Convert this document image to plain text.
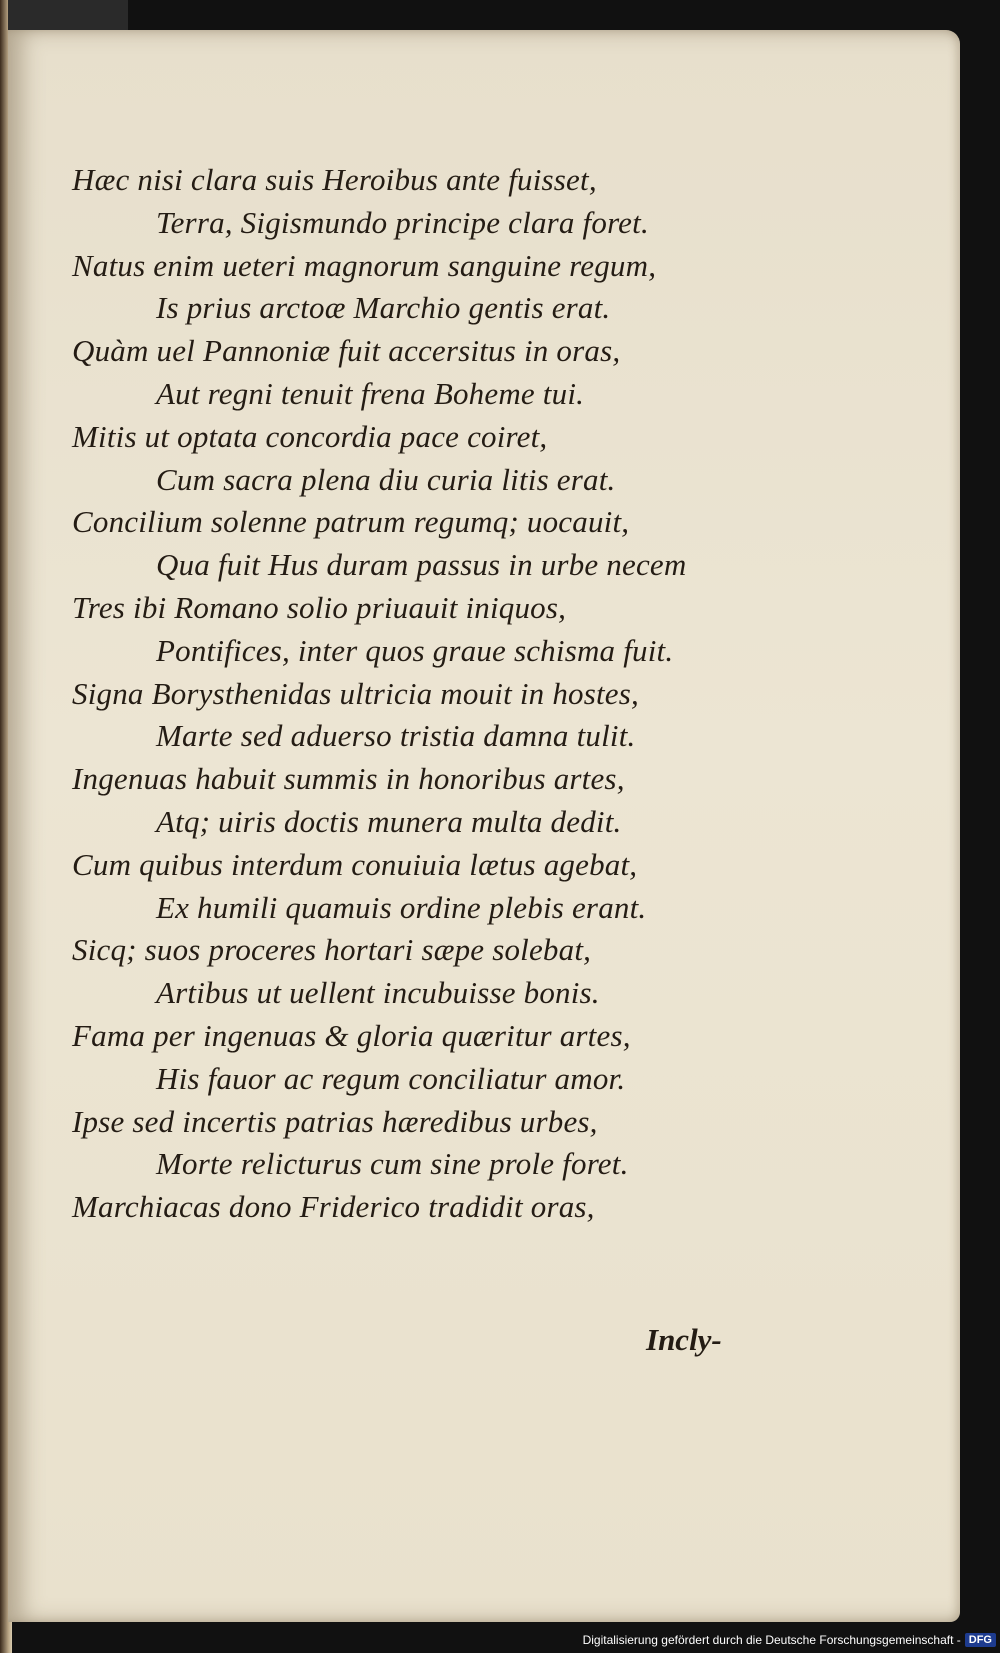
Hæc nisi clara suis Heroibus ante fuisset,
Terra, Sigismundo principe clara foret.
Natus enim ueteri magnorum sanguine regum,
Is prius arctoæ Marchio gentis erat.
Quàm uel Pannoniæ fuit accersitus in oras,
Aut regni tenuit frena Boheme tui.
Mitis ut optata concordia pace coiret,
Cum sacra plena diu curia litis erat.
Concilium solenne patrum regumq; uocauit,
Qua fuit Hus duram passus in urbe necem
Tres ibi Romano solio priuauit iniquos,
Pontifices, inter quos graue schisma fuit.
Signa Borysthenidas ultricia mouit in hostes,
Marte sed aduerso tristia damna tulit.
Ingenuas habuit summis in honoribus artes,
Atq; uiris doctis munera multa dedit.
Cum quibus interdum conuiuia lætus agebat,
Ex humili quamuis ordine plebis erant.
Sicq; suos proceres hortari sæpe solebat,
Artibus ut uellent incubuisse bonis.
Fama per ingenuas & gloria quæritur artes,
His fauor ac regum conciliatur amor.
Ipse sed incertis patrias hæredibus urbes,
Morte relicturus cum sine prole foret.
Marchiacas dono Friderico tradidit oras,
Incly-
Digitalisierung gefördert durch die Deutsche Forschungsgemeinschaft - DFG
